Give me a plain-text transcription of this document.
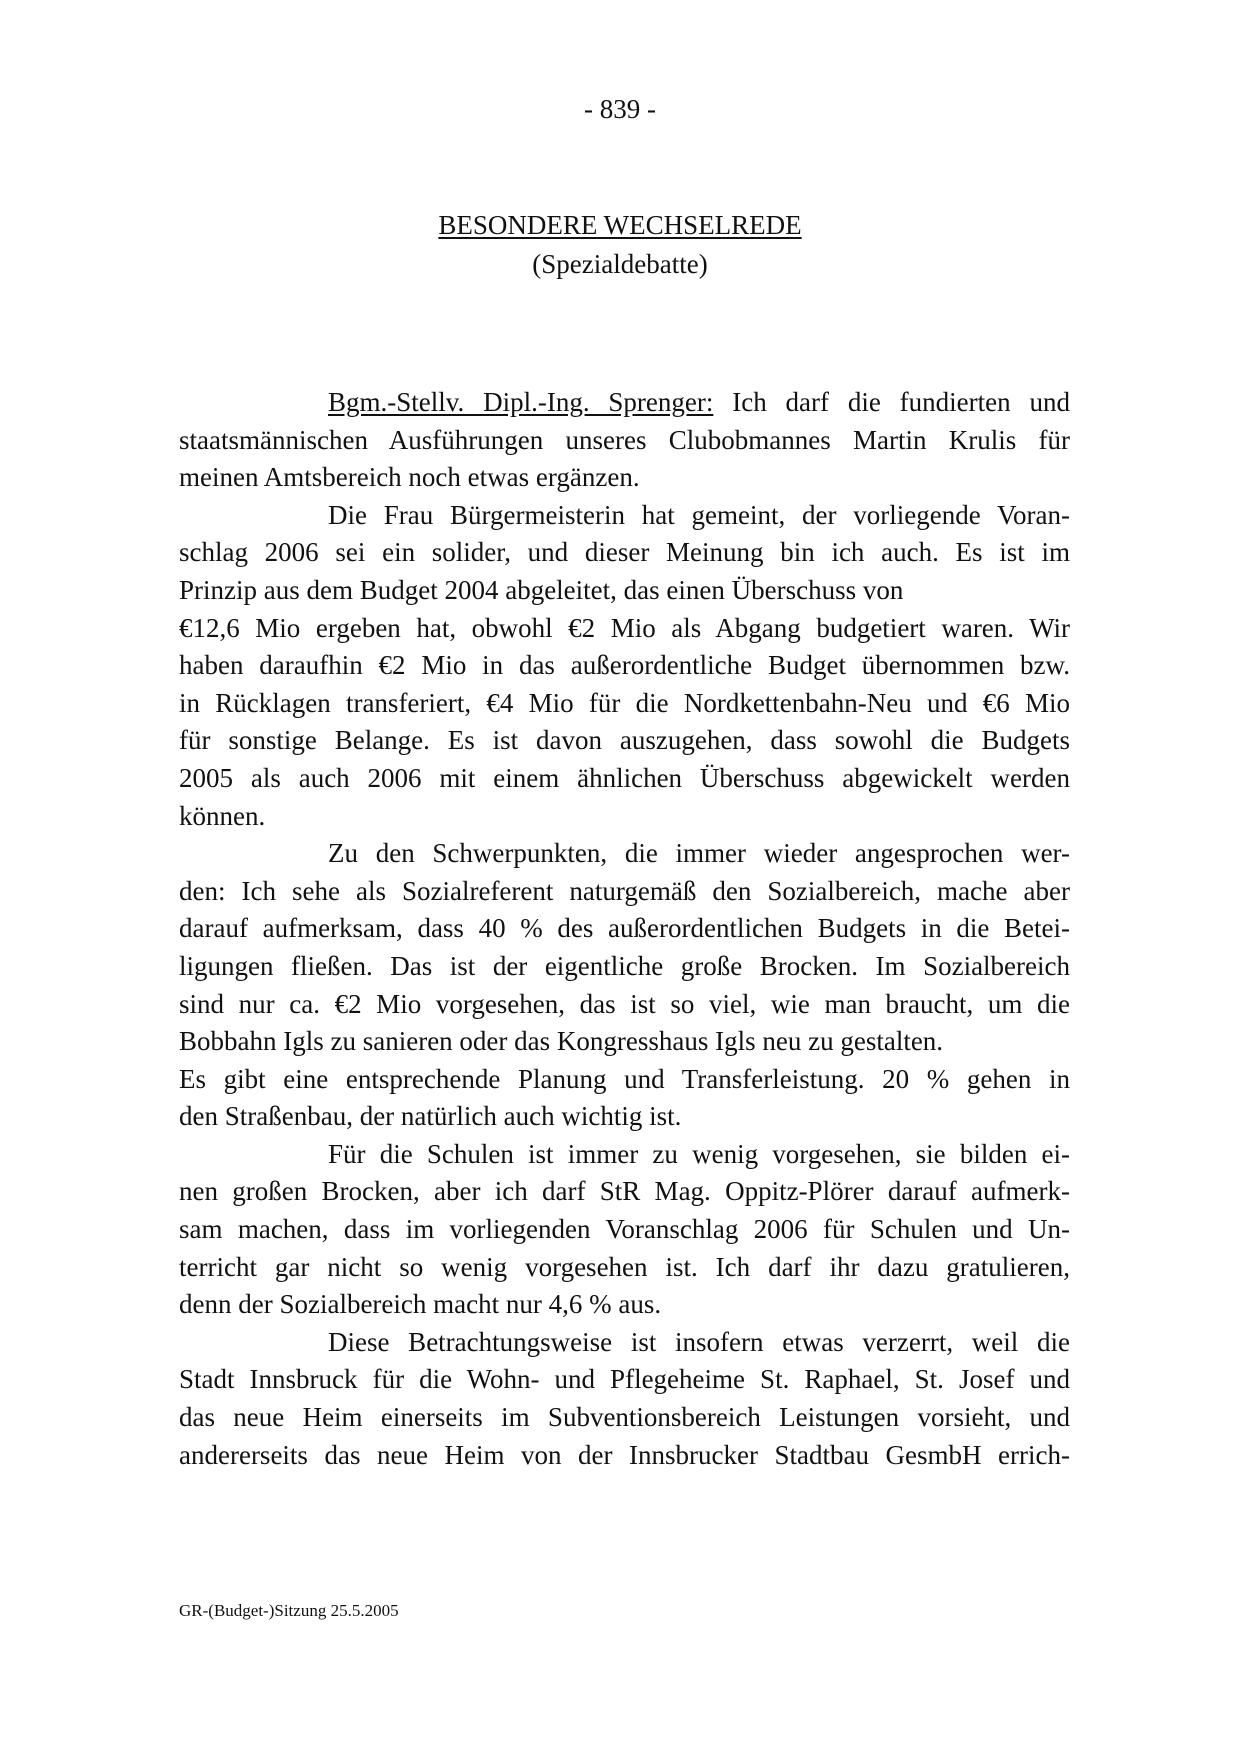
- 839 -
BESONDERE WECHSELREDE
(Spezialdebatte)
Bgm.-Stellv. Dipl.-Ing. Sprenger: Ich darf die fundierten und
staatsmännischen Ausführungen unseres Clubobmannes Martin Krulis für
meinen Amtsbereich noch etwas ergänzen.
Die Frau Bürgermeisterin hat gemeint, der vorliegende Voran-
schlag 2006 sei ein solider, und dieser Meinung bin ich auch. Es ist im
Prinzip aus dem Budget 2004 abgeleitet, das einen Überschuss von
€12,6 Mio ergeben hat, obwohl €2 Mio als Abgang budgetiert waren. Wir
haben daraufhin €2 Mio in das außerordentliche Budget übernommen bzw.
in Rücklagen transferiert, €4 Mio für die Nordkettenbahn-Neu und €6 Mio
für sonstige Belange. Es ist davon auszugehen, dass sowohl die Budgets
2005 als auch 2006 mit einem ähnlichen Überschuss abgewickelt werden
können.
Zu den Schwerpunkten, die immer wieder angesprochen wer-
den: Ich sehe als Sozialreferent naturgemäß den Sozialbereich, mache aber
darauf aufmerksam, dass 40 % des außerordentlichen Budgets in die Betei-
ligungen fließen. Das ist der eigentliche große Brocken. Im Sozialbereich
sind nur ca. €2 Mio vorgesehen, das ist so viel, wie man braucht, um die
Bobbahn Igls zu sanieren oder das Kongresshaus Igls neu zu gestalten.
Es gibt eine entsprechende Planung und Transferleistung. 20 % gehen in
den Straßenbau, der natürlich auch wichtig ist.
Für die Schulen ist immer zu wenig vorgesehen, sie bilden ei-
nen großen Brocken, aber ich darf StR Mag. Oppitz-Plörer darauf aufmerk-
sam machen, dass im vorliegenden Voranschlag 2006 für Schulen und Un-
terricht gar nicht so wenig vorgesehen ist. Ich darf ihr dazu gratulieren,
denn der Sozialbereich macht nur 4,6 % aus.
Diese Betrachtungsweise ist insofern etwas verzerrt, weil die
Stadt Innsbruck für die Wohn- und Pflegeheime St. Raphael, St. Josef und
das neue Heim einerseits im Subventionsbereich Leistungen vorsieht, und
andererseits das neue Heim von der Innsbrucker Stadtbau GesmbH errich-
GR-(Budget-)Sitzung 25.5.2005
